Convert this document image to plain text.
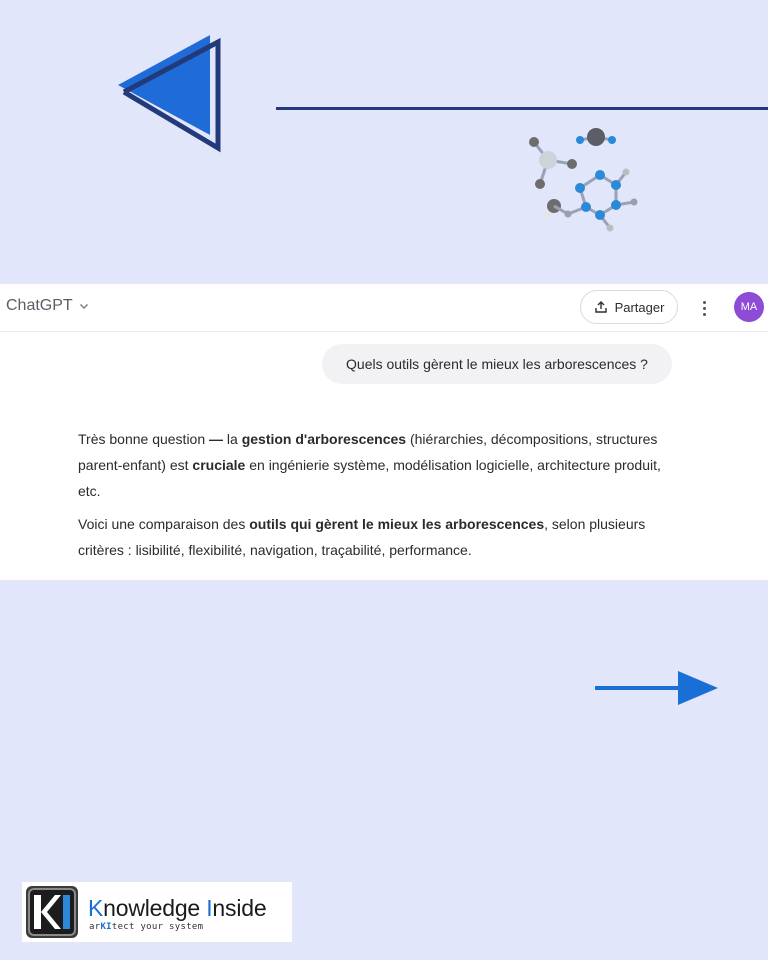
ChatGPT	Partager	MA
Quels outils gèrent le mieux les arborescences ?

Très bonne question — la gestion d'arborescences (hiérarchies, décompositions, structures parent-enfant) est cruciale en ingénierie système, modélisation logicielle, architecture produit, etc.

Voici une comparaison des outils qui gèrent le mieux les arborescences, selon plusieurs critères : lisibilité, flexibilité, navigation, traçabilité, performance.

Knowledge Inside
arKItect your system
